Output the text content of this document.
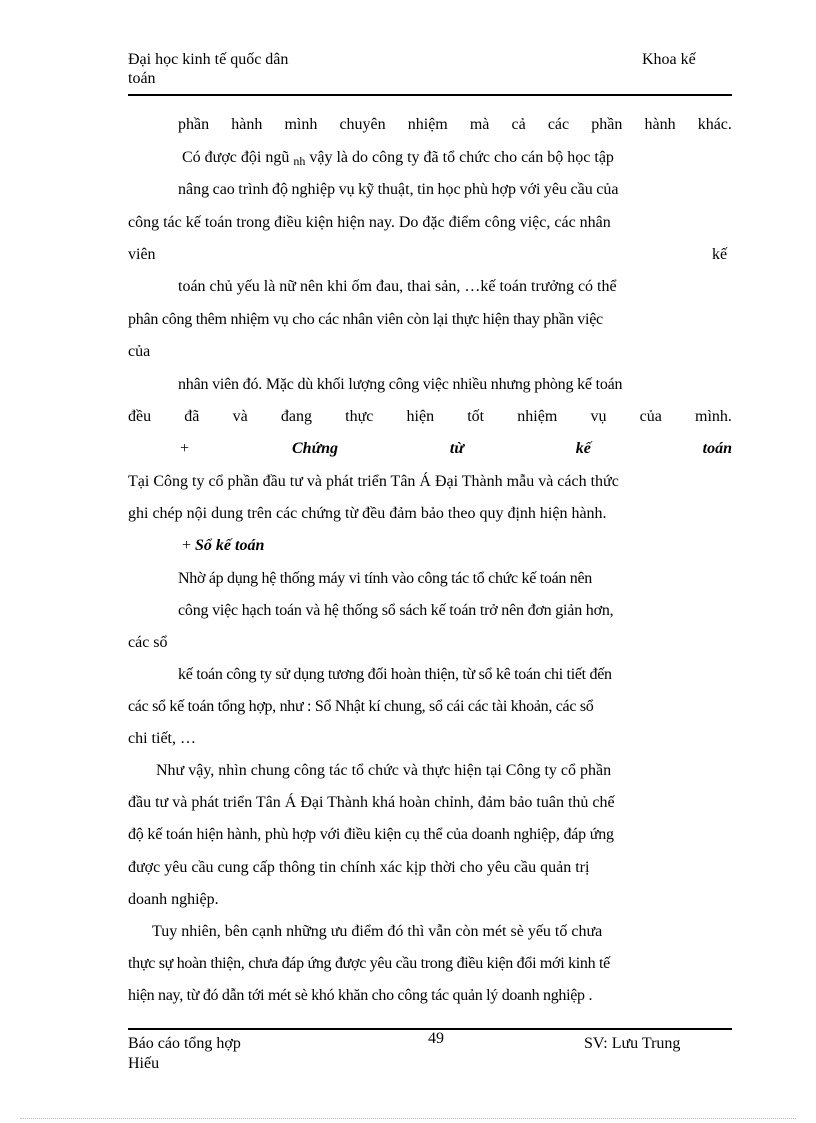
Đại học kinh tế quốc dân
toán
Khoa kế
phần hành mình chuyên nhiệm mà cả các phần hành khác.
Có được đội ngũ nh vậy là do công ty đã tổ chức cho cán bộ học tập
nâng cao trình độ nghiệp vụ kỹ thuật, tin học phù hợp với yêu cầu của
công tác kế toán trong điều kiện hiện nay. Do đặc điểm công việc, các nhân
viên	kế
toán chủ yếu là nữ nên khi ốm đau, thai sản, …kế toán trưởng có thể
phân công thêm nhiệm vụ cho các nhân viên còn lại thực hiện thay phần việc
của
nhân viên đó. Mặc dù khối lượng công việc nhiều nhưng phòng kế toán
đều đã và đang thực hiện tốt nhiệm vụ của mình.
+	Chứng	từ	kế	toán
Tại Công ty cổ phần đầu tư và phát triển Tân Á Đại Thành mẫu và cách thức
ghi chép nội dung trên các chứng từ đều đảm bảo theo quy định hiện hành.
+ Sổ kế toán
Nhờ áp dụng hệ thống máy vi tính vào công tác tổ chức kế toán nên
công việc hạch toán và hệ thống sổ sách kế toán trở nên đơn giản hơn,
các sổ
kế toán công ty sử dụng tương đối hoàn thiện, từ sổ kê toán chi tiết đến
các sổ kế toán tổng hợp, như : Sổ Nhật kí chung, sổ cái các tài khoản, các sổ
chi tiết, …
Như vậy, nhìn chung công tác tổ chức và thực hiện tại Công ty cổ phần
đầu tư và phát triển Tân Á Đại Thành khá hoàn chỉnh, đảm bảo tuân thủ chế
độ kế toán hiện hành, phù hợp với điều kiện cụ thể của doanh nghiệp, đáp ứng
được yêu cầu cung cấp thông tin chính xác kịp thời cho yêu cầu quản trị
doanh nghiệp.
Tuy nhiên, bên cạnh những ưu điểm đó thì vẫn còn mét sè yếu tố chưa
thực sự hoàn thiện, chưa đáp ứng được yêu cầu trong điều kiện đổi mới kinh tế
hiện nay, từ đó dẫn tới mét sè khó khăn cho công tác quản lý doanh nghiệp .
Báo cáo tổng hợp
Hiếu
49	SV: Lưu Trung
